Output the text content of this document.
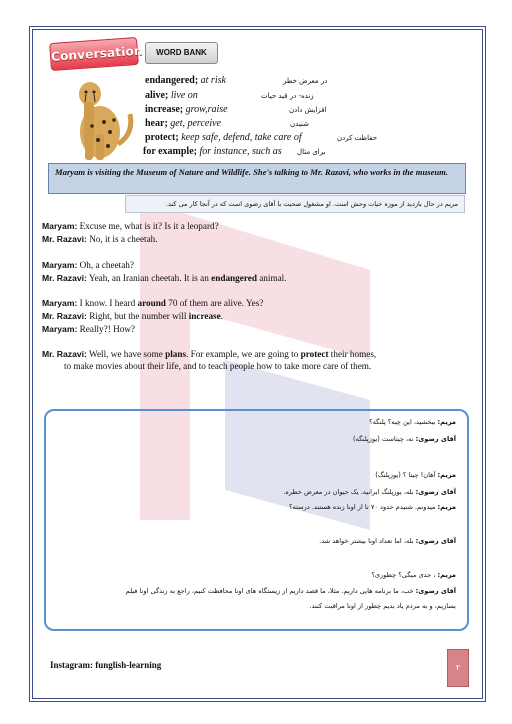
Conversation	WORD BANK
endangered; at risk	در معرض خطر
alive; live on	زنده- در قید حیات
increase; grow,raise	افزایش دادن
hear; get, perceive	شنیدن
protect; keep safe, defend, take care of	حفاظت کردن
for example; for instance, such as برای مثال
Maryam is visiting the Museum of Nature and Wildlife. She's talking to Mr. Razavi, who works in the museum.
مریم در حال بازدید از موزه حیات وحش است. او مشغول صحبت با آقای رضوی است که در آنجا کار می کند.
Maryam: Excuse me, what is it? Is it a leopard?
Mr. Razavi: No, it is a cheetah.
Maryam: Oh, a cheetah?
Mr. Razavi: Yeah, an Iranian cheetah. It is an endangered animal.
Maryam: I know. I heard around 70 of them are alive. Yes?
Mr. Razavi: Right, but the number will increase.
Maryam: Really?! How?
Mr. Razavi: Well, we have some plans. For example, we are going to protect their homes,
to make movies about their life, and to teach people how to take more care of them.
مریم: ببخشید، این چیه؟ پلنگه؟
آقای رضوی: نه، چیتاست (یوزپلنگه)
مریم: آهان! چیتا ؟ (یوزپلنگ)
آقای رضوی: بله، یوزپلنگ ایرانیه. یک حیوان در معرض خطره.
مریم: میدونم. شنیدم حدود ۷۰ تا از اونا زنده هستند. درسته؟
آقای رضوی: بله، اما تعداد اونا بیشتر خواهد شد.
مریم: ، جدی میگی؟ چطوری؟
آقای رضوی: خب، ما برنامه هایی داریم. مثلا، ما قصد داریم از زیستگاه های اونا محافظت کنیم، راجع به زندگی اونا فیلم
بسازیم، و به مردم یاد بدیم چطور از اونا مراقبت کنند.
Instagram: funglish-learning	۲
